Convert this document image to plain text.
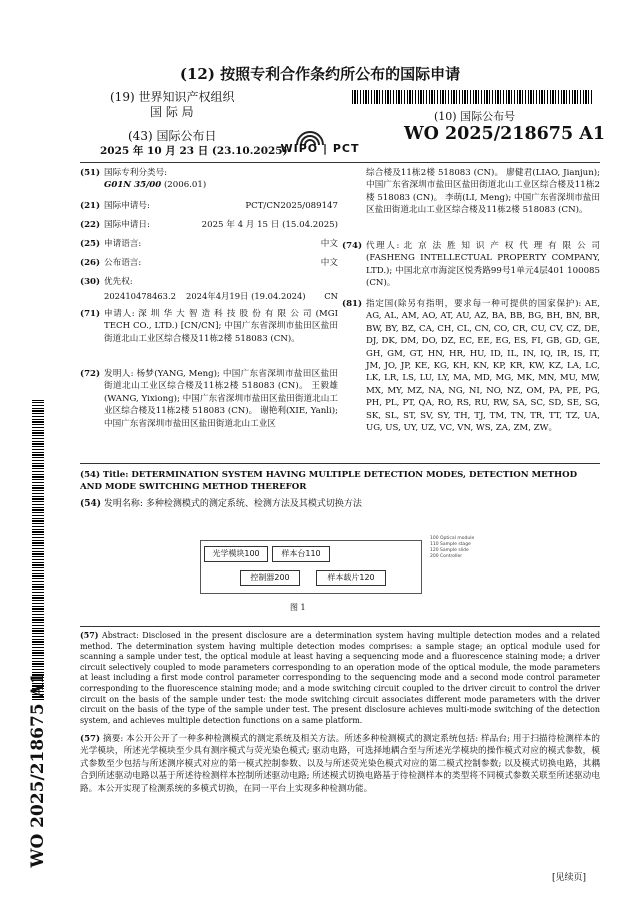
(12) 按照专利合作条约所公布的国际申请
(19) 世界知识产权组织
国 际 局
WIPO | PCT
(43) 国际公布日
2025 年 10 月 23 日 (23.10.2025)
(10) 国际公布号
WO 2025/218675 A1
WO 2025/218675 A1
(51) 国际专利分类号:
G01N 35/00 (2006.01)
(21) 国际申请号:	PCT/CN2025/089147
(22) 国际申请日:	2025 年 4 月 15 日 (15.04.2025)
(25) 申请语言:	中文
(26) 公布语言:	中文
(30) 优先权:
202410478463.2 2024年4月19日 (19.04.2024) CN
(71) 申请人: 深 圳 华 大 智 造 科 技 股 份 有 限 公 司 (MGI TECH CO., LTD.) [CN/CN]; 中国广东省深圳市盐田区盐田街道北山工业区综合楼及11栋2楼 518083 (CN)。
(72) 发明人: 杨梦(YANG, Meng); 中国广东省深圳市盐田区盐田街道北山工业区综合楼及11栋2楼 518083 (CN)。 王毅雄(WANG, Yixiong); 中国广东省深圳市盐田区盐田街道北山工业区综合楼及11栋2楼 518083 (CN)。 谢艳利(XIE, Yanli); 中国广东省深圳市盐田区盐田街道北山工业区
综合楼及11栋2楼 518083 (CN)。 廖健君(LIAO, Jianjun); 中国广东省深圳市盐田区盐田街道北山工业区综合楼及11栋2楼 518083 (CN)。 李萌(LI, Meng); 中国广东省深圳市盐田区盐田街道北山工业区综合楼及11栋2楼 518083 (CN)。
(74) 代理人: 北 京 法 胜 知 识 产 权 代 理 有 限 公 司 (FASHENG INTELLECTUAL PROPERTY COMPANY, LTD.); 中国北京市海淀区悦秀路99号1单元4层401 100085 (CN)。
(81) 指定国(除另有指明，要求每一种可提供的国家保护): AE, AG, AL, AM, AO, AT, AU, AZ, BA, BB, BG, BH, BN, BR, BW, BY, BZ, CA, CH, CL, CN, CO, CR, CU, CV, CZ, DE, DJ, DK, DM, DO, DZ, EC, EE, EG, ES, FI, GB, GD, GE, GH, GM, GT, HN, HR, HU, ID, IL, IN, IQ, IR, IS, IT, JM, JO, JP, KE, KG, KH, KN, KP, KR, KW, KZ, LA, LC, LK, LR, LS, LU, LY, MA, MD, MG, MK, MN, MU, MW, MX, MY, MZ, NA, NG, NI, NO, NZ, OM, PA, PE, PG, PH, PL, PT, QA, RO, RS, RU, RW, SA, SC, SD, SE, SG, SK, SL, ST, SV, SY, TH, TJ, TM, TN, TR, TT, TZ, UA, UG, US, UY, UZ, VC, VN, WS, ZA, ZM, ZW。
(54) Title: DETERMINATION SYSTEM HAVING MULTIPLE DETECTION MODES, DETECTION METHOD AND MODE SWITCHING METHOD THEREFOR
(54) 发明名称: 多种检测模式的测定系统、检测方法及其模式切换方法
光学模块100	样本台110
控制器200	样本载片120
100 Optical module
110 Sample stage
120 Sample slide
200 Controller
图 1
(57) Abstract: Disclosed in the present disclosure are a determination system having multiple detection modes and a related method. The determination system having multiple detection modes comprises: a sample stage; an optical module used for scanning a sample under test, the optical module at least having a sequencing mode and a fluorescence staining mode; a driver circuit selectively coupled to mode parameters corresponding to an operation mode of the optical module, the mode parameters at least including a first mode control parameter corresponding to the sequencing mode and a second mode control parameter corresponding to the fluorescence staining mode; and a mode switching circuit coupled to the driver circuit to control the driver circuit on the basis of the sample under test: the mode switching circuit associates different mode parameters with the driver circuit on the basis of the type of the sample under test. The present disclosure achieves multi-mode switching of the detection system, and achieves multiple detection functions on a same platform.
(57) 摘要: 本公开公开了一种多种检测模式的测定系统及相关方法。所述多种检测模式的测定系统包括: 样品台; 用于扫描待检测样本的光学模块，所述光学模块至少具有测序模式与荧光染色模式; 驱动电路，可选择地耦合至与所述光学模块的操作模式对应的模式参数，模式参数至少包括与所述测序模式对应的第一模式控制参数、以及与所述荧光染色模式对应的第二模式控制参数; 以及模式切换电路，其耦合到所述驱动电路以基于所述待检测样本控制所述驱动电路; 所述模式切换电路基于待检测样本的类型将不同模式参数关联至所述驱动电路。本公开实现了检测系统的多模式切换，在同一平台上实现多种检测功能。
[见续页]
